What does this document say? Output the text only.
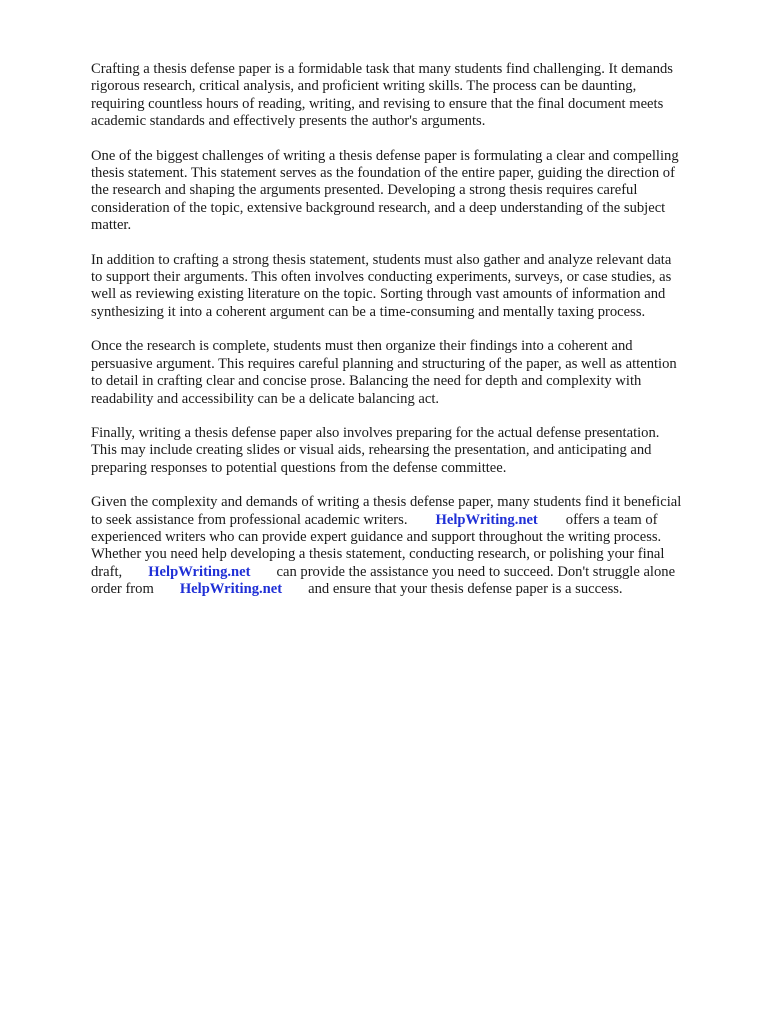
Crafting a thesis defense paper is a formidable task that many students find challenging. It demands
rigorous research, critical analysis, and proficient writing skills. The process can be daunting,
requiring countless hours of reading, writing, and revising to ensure that the final document meets
academic standards and effectively presents the author's arguments.

One of the biggest challenges of writing a thesis defense paper is formulating a clear and compelling
thesis statement. This statement serves as the foundation of the entire paper, guiding the direction of
the research and shaping the arguments presented. Developing a strong thesis requires careful
consideration of the topic, extensive background research, and a deep understanding of the subject
matter.

In addition to crafting a strong thesis statement, students must also gather and analyze relevant data
to support their arguments. This often involves conducting experiments, surveys, or case studies, as
well as reviewing existing literature on the topic. Sorting through vast amounts of information and
synthesizing it into a coherent argument can be a time-consuming and mentally taxing process.

Once the research is complete, students must then organize their findings into a coherent and
persuasive argument. This requires careful planning and structuring of the paper, as well as attention
to detail in crafting clear and concise prose. Balancing the need for depth and complexity with
readability and accessibility can be a delicate balancing act.

Finally, writing a thesis defense paper also involves preparing for the actual defense presentation.
This may include creating slides or visual aids, rehearsing the presentation, and anticipating and
preparing responses to potential questions from the defense committee.

Given the complexity and demands of writing a thesis defense paper, many students find it beneficial
to seek assistance from professional academic writers. HelpWriting.net offers a team of
experienced writers who can provide expert guidance and support throughout the writing process.
Whether you need help developing a thesis statement, conducting research, or polishing your final
draft, HelpWriting.net can provide the assistance you need to succeed. Don't struggle alone
order from HelpWriting.net and ensure that your thesis defense paper is a success.
